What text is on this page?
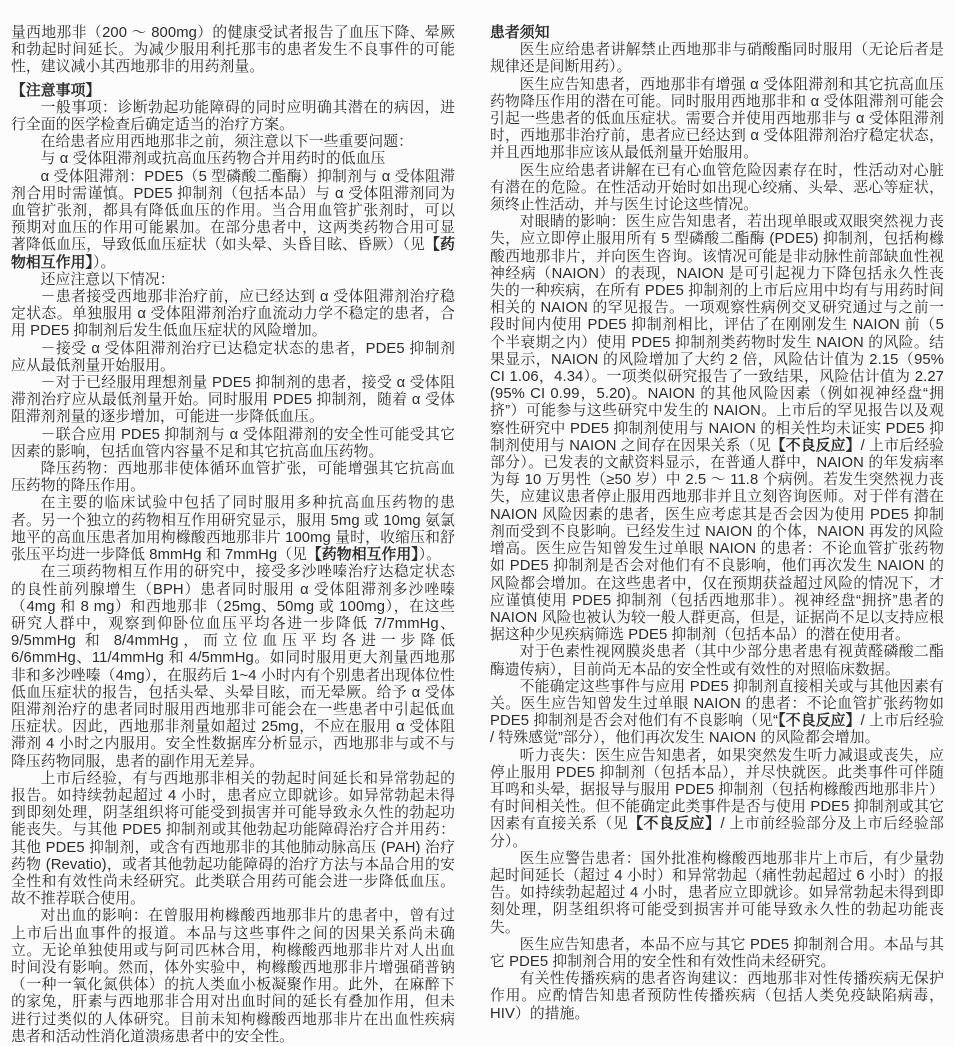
量西地那非（200 ～ 800mg）的健康受试者报告了血压下降、晕厥和勃起时间延长。为减少服用利托那韦的患者发生不良事件的可能性，建议减小其西地那非的用药剂量。

【注意事项】

一般事项：诊断勃起功能障碍的同时应明确其潜在的病因，进行全面的医学检查后确定适当的治疗方案。

在给患者应用西地那非之前，须注意以下一些重要问题：

与 α 受体阻滞剂或抗高血压药物合并用药时的低血压

α 受体阻滞剂：PDE5（5 型磷酸二酯酶）抑制剂与 α 受体阻滞剂合用时需谨慎。PDE5 抑制剂（包括本品）与 α 受体阻滞剂同为血管扩张剂，都具有降低血压的作用。当合用血管扩张剂时，可以预期对血压的作用可能累加。在部分患者中，这两类药物合用可显著降低血压，导致低血压症状（如头晕、头昏目眩、昏厥）（见【药物相互作用】）。

还应注意以下情况：

－患者接受西地那非治疗前，应已经达到 α 受体阻滞剂治疗稳定状态。单独服用 α 受体阻滞剂治疗血流动力学不稳定的患者，合用 PDE5 抑制剂后发生低血压症状的风险增加。

－接受 α 受体阻滞剂治疗已达稳定状态的患者，PDE5 抑制剂应从最低剂量开始服用。

－对于已经服用理想剂量 PDE5 抑制剂的患者，接受 α 受体阻滞剂治疗应从最低剂量开始。同时服用 PDE5 抑制剂，随着 α 受体阻滞剂剂量的逐步增加，可能进一步降低血压。

－联合应用 PDE5 抑制剂与 α 受体阻滞剂的安全性可能受其它因素的影响，包括血管内容量不足和其它抗高血压药物。

降压药物：西地那非使体循环血管扩张，可能增强其它抗高血压药物的降压作用。

在主要的临床试验中包括了同时服用多种抗高血压药物的患者。另一个独立的药物相互作用研究显示，服用 5mg 或 10mg 氨氯地平的高血压患者加用枸橼酸西地那非片 100mg 量时，收缩压和舒张压平均进一步降低 8mmHg 和 7mmHg（见【药物相互作用】）。

在三项药物相互作用的研究中，接受多沙唑嗪治疗达稳定状态的良性前列腺增生（BPH）患者同时服用 α 受体阻滞剂多沙唑嗪（4mg 和 8 mg）和西地那非（25mg、50mg 或 100mg），在这些研究人群中，观察到仰卧位血压平均各进一步降低 7/7mmHg、9/5mmHg 和 8/4mmHg，而立位血压平均各进一步降低 6/6mmHg、11/4mmHg 和 4/5mmHg。如同时服用更大剂量西地那非和多沙唑嗪（4mg），在服药后 1~4 小时内有个别患者出现体位性低血压症状的报告，包括头晕、头晕目眩，而无晕厥。给予 α 受体阻滞剂治疗的患者同时服用西地那非可能会在一些患者中引起低血压症状。因此，西地那非剂量如超过 25mg，不应在服用 α 受体阻滞剂 4 小时之内服用。安全性数据库分析显示，西地那非与或不与降压药物同服，患者的副作用无差异。

上市后经验，有与西地那非相关的勃起时间延长和异常勃起的报告。如持续勃起超过 4 小时，患者应立即就诊。如异常勃起未得到即刻处理，阴茎组织将可能受到损害并可能导致永久性的勃起功能丧失。与其他 PDE5 抑制剂或其他勃起功能障碍治疗合并用药：其他 PDE5 抑制剂，或含有西地那非的其他肺动脉高压 (PAH) 治疗药物 (Revatio)，或者其他勃起功能障碍的治疗方法与本品合用的安全性和有效性尚未经研究。此类联合用药可能会进一步降低血压。故不推荐联合使用。

对出血的影响：在曾服用枸橼酸西地那非片的患者中，曾有过上市后出血事件的报道。本品与这些事件之间的因果关系尚未确立。无论单独使用或与阿司匹林合用，枸橼酸西地那非片对人出血时间没有影响。然而，体外实验中，枸橼酸西地那非片增强硝普钠（一种一氧化氮供体）的抗人类血小板凝聚作用。此外，在麻醉下的家兔，肝素与西地那非合用对出血时间的延长有叠加作用，但未进行过类似的人体研究。目前未知枸橼酸西地那非片在出血性疾病患者和活动性消化道溃疡患者中的安全性。

患者须知

医生应给患者讲解禁止西地那非与硝酸酯同时服用（无论后者是规律还是间断用药）。

医生应告知患者，西地那非有增强 α 受体阻滞剂和其它抗高血压药物降压作用的潜在可能。同时服用西地那非和 α 受体阻滞剂可能会引起一些患者的低血压症状。需要合并使用西地那非与 α 受体阻滞剂时，西地那非治疗前，患者应已经达到 α 受体阻滞剂治疗稳定状态，并且西地那非应该从最低剂量开始服用。

医生应给患者讲解在已有心血管危险因素存在时，性活动对心脏有潜在的危险。在性活动开始时如出现心绞痛、头晕、恶心等症状，须终止性活动，并与医生讨论这些情况。

对眼睛的影响：医生应告知患者，若出现单眼或双眼突然视力丧失，应立即停止服用所有 5 型磷酸二酯酶 (PDE5) 抑制剂，包括枸橼酸西地那非片，并向医生咨询。该情况可能是非动脉性前部缺血性视神经病（NAION）的表现，NAION 是可引起视力下降包括永久性丧失的一种疾病，在所有 PDE5 抑制剂的上市后应用中均有与用药时间相关的 NAION 的罕见报告。一项观察性病例交叉研究通过与之前一段时间内使用 PDE5 抑制剂相比，评估了在刚刚发生 NAION 前（5 个半衰期之内）使用 PDE5 抑制剂类药物时发生 NAION 的风险。结果显示，NAION 的风险增加了大约 2 倍，风险估计值为 2.15（95% CI 1.06，4.34）。一项类似研究报告了一致结果，风险估计值为 2.27 (95% CI 0.99，5.20)。NAION 的其他风险因素（例如视神经盘“拥挤”）可能参与这些研究中发生的 NAION。上市后的罕见报告以及观察性研究中 PDE5 抑制剂使用与 NAION 的相关性均未证实 PDE5 抑制剂使用与 NAION 之间存在因果关系（见【不良反应】/ 上市后经验部分）。已发表的文献资料显示，在普通人群中，NAION 的年发病率为每 10 万男性（≥50 岁）中 2.5 ～ 11.8 个病例。若发生突然视力丧失，应建议患者停止服用西地那非并且立刻咨询医师。对于伴有潜在 NAION 风险因素的患者，医生应考虑其是否会因为使用 PDE5 抑制剂而受到不良影响。已经发生过 NAION 的个体，NAION 再发的风险增高。医生应告知曾发生过单眼 NAION 的患者：不论血管扩张药物如 PDE5 抑制剂是否会对他们有不良影响，他们再次发生 NAION 的风险都会增加。在这些患者中，仅在预期获益超过风险的情况下，才应谨慎使用 PDE5 抑制剂（包括西地那非）。视神经盘“拥挤”患者的 NAION 风险也被认为较一般人群更高，但是，证据尚不足以支持应根据这种少见疾病筛选 PDE5 抑制剂（包括本品）的潜在使用者。

对于色素性视网膜炎患者（其中少部分患者患有视黄醛磷酸二酯酶遗传病），目前尚无本品的安全性或有效性的对照临床数据。

不能确定这些事件与应用 PDE5 抑制剂直接相关或与其他因素有关。医生应告知曾发生过单眼 NAION 的患者：不论血管扩张药物如 PDE5 抑制剂是否会对他们有不良影响（见“【不良反应】/ 上市后经验 / 特殊感觉”部分），他们再次发生 NAION 的风险都会增加。

听力丧失：医生应告知患者，如果突然发生听力减退或丧失，应停止服用 PDE5 抑制剂（包括本品），并尽快就医。此类事件可伴随耳鸣和头晕，据报导与服用 PDE5 抑制剂（包括枸橼酸西地那非片）有时间相关性。但不能确定此类事件是否与使用 PDE5 抑制剂或其它因素有直接关系（见【不良反应】/ 上市前经验部分及上市后经验部分）。

医生应警告患者：国外批准枸橼酸西地那非片上市后，有少量勃起时间延长（超过 4 小时）和异常勃起（痛性勃起超过 6 小时）的报告。如持续勃起超过 4 小时，患者应立即就诊。如异常勃起未得到即刻处理，阴茎组织将可能受到损害并可能导致永久性的勃起功能丧失。

医生应告知患者，本品不应与其它 PDE5 抑制剂合用。本品与其它 PDE5 抑制剂合用的安全性和有效性尚未经研究。

有关性传播疾病的患者咨询建议：西地那非对性传播疾病无保护作用。应酌情告知患者预防性传播疾病（包括人类免疫缺陷病毒，HIV）的措施。
